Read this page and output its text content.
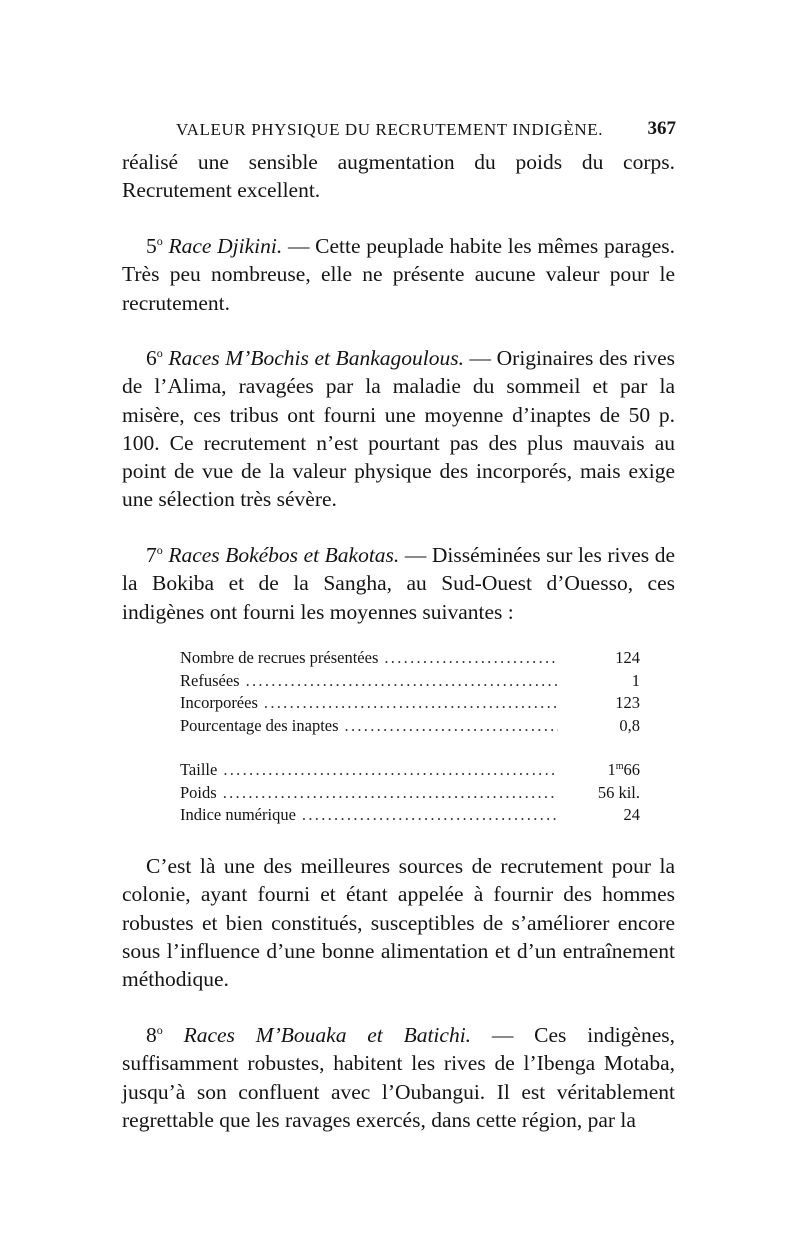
VALEUR PHYSIQUE DU RECRUTEMENT INDIGÈNE. 367

réalisé une sensible augmentation du poids du corps. Recrutement excellent.

5$^o$ Race Djikini. — Cette peuplade habite les mêmes parages. Très peu nombreuse, elle ne présente aucune valeur pour le recrutement.

6$^o$ Races M’Bochis et Bankagoulous. — Originaires des rives de l’Alima, ravagées par la maladie du sommeil et par la misère, ces tribus ont fourni une moyenne d’inaptes de 50 p. 100. Ce recrutement n’est pourtant pas des plus mauvais au point de vue de la valeur physique des incorporés, mais exige une sélection très sévère.

7$^o$ Races Bokébos et Bakotas. — Disséminées sur les rives de la Bokiba et de la Sangha, au Sud-Ouest d’Ouesso, ces indigènes ont fourni les moyennes suivantes :

Nombre de recrues présentées .....	124
Refusées .....	1
Incorporées .....	123
Pourcentage des inaptes .....	0,8
Taille .....	1$^m$66
Poids .....	56 kil.
Indice numérique .....	24

C’est là une des meilleures sources de recrutement pour la colonie, ayant fourni et étant appelée à fournir des hommes robustes et bien constitués, susceptibles de s’améliorer encore sous l’influence d’une bonne alimentation et d’un entraînement méthodique.

8$^o$ Races M’Bouaka et Batichi. — Ces indigènes, suffisamment robustes, habitent les rives de l’Ibenga Motaba, jusqu’à son confluent avec l’Oubangui. Il est véritablement regrettable que les ravages exercés, dans cette région, par la
